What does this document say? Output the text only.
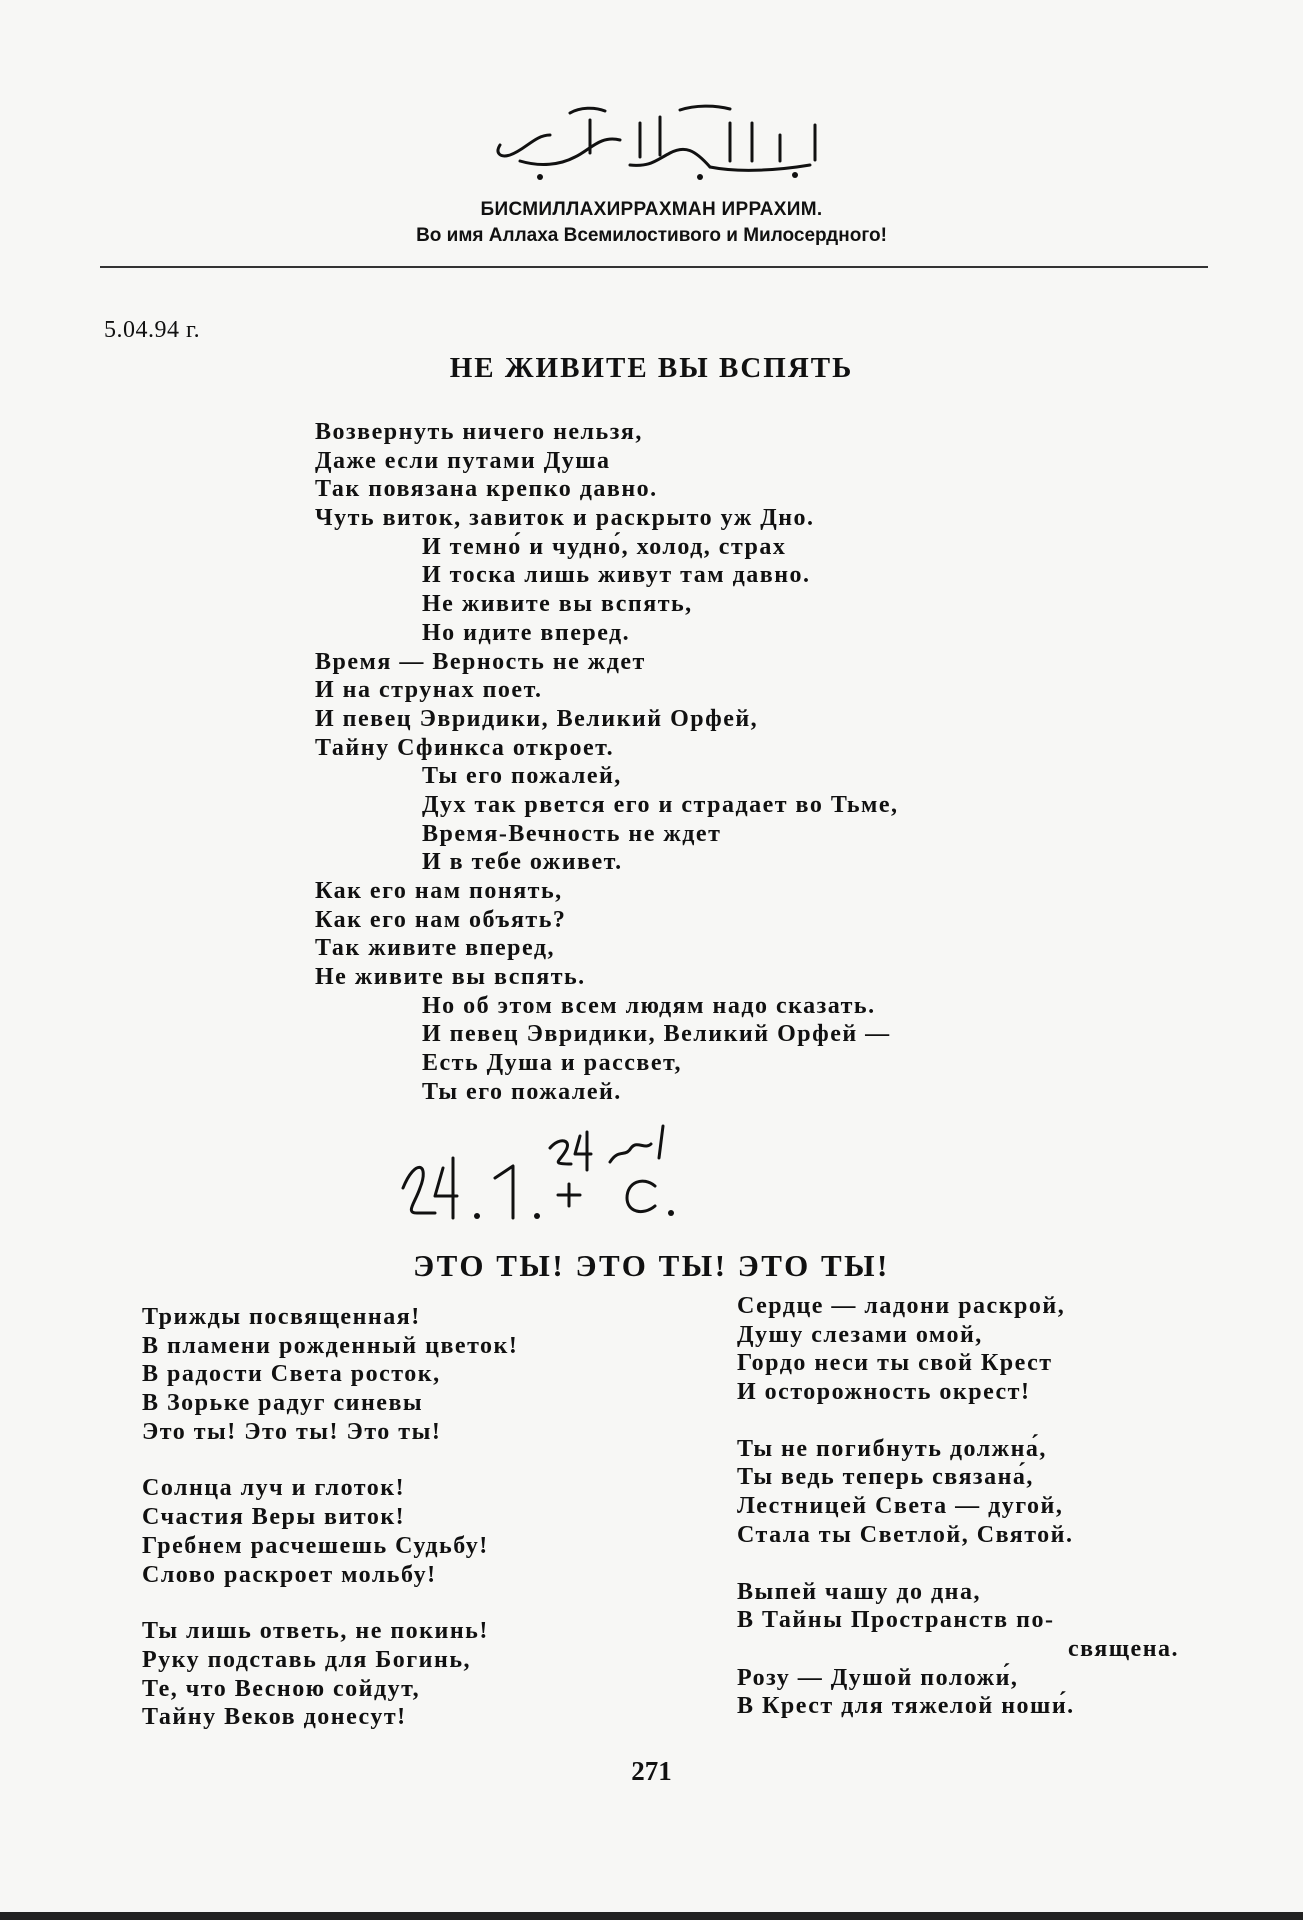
БИСМИЛЛАХИРРАХМАН ИРРАХИМ.
Во имя Аллаха Всемилостивого и Милосердного!
5.04.94 г.
НЕ ЖИВИТЕ ВЫ ВСПЯТЬ
Возвернуть ничего нельзя,
Даже если путами Душа
Так повязана крепко давно.
Чуть виток, завиток и раскрыто уж Дно.
И темно́ и чудно́, холод, страх
И тоска лишь живут там давно.
Не живите вы вспять,
Но идите вперед.
Время — Верность не ждет
И на струнах поет.
И певец Эвридики, Великий Орфей,
Тайну Сфинкса откроет.
Ты его пожалей,
Дух так рвется его и страдает во Тьме,
Время-Вечность не ждет
И в тебе оживет.
Как его нам понять,
Как его нам объять?
Так живите вперед,
Не живите вы вспять.
Но об этом всем людям надо сказать.
И певец Эвридики, Великий Орфей —
Есть Душа и рассвет,
Ты его пожалей.
ЭТО ТЫ! ЭТО ТЫ! ЭТО ТЫ!
Трижды посвященная!
В пламени рожденный цветок!
В радости Света росток,
В Зорьке радуг синевы
Это ты! Это ты! Это ты!
Солнца луч и глоток!
Счастия Веры виток!
Гребнем расчешешь Судьбу!
Слово раскроет мольбу!
Ты лишь ответь, не покинь!
Руку подставь для Богинь,
Те, что Весною сойдут,
Тайну Веков донесут!
Сердце — ладони раскрой,
Душу слезами омой,
Гордо неси ты свой Крест
И осторожность окрест!
Ты не погибнуть должна́,
Ты ведь теперь связана́,
Лестницей Света — дугой,
Стала ты Светлой, Святой.
Выпей чашу до дна,
В Тайны Пространств по-
священа.
Розу — Душой положи́,
В Крест для тяжелой ноши́.
271
